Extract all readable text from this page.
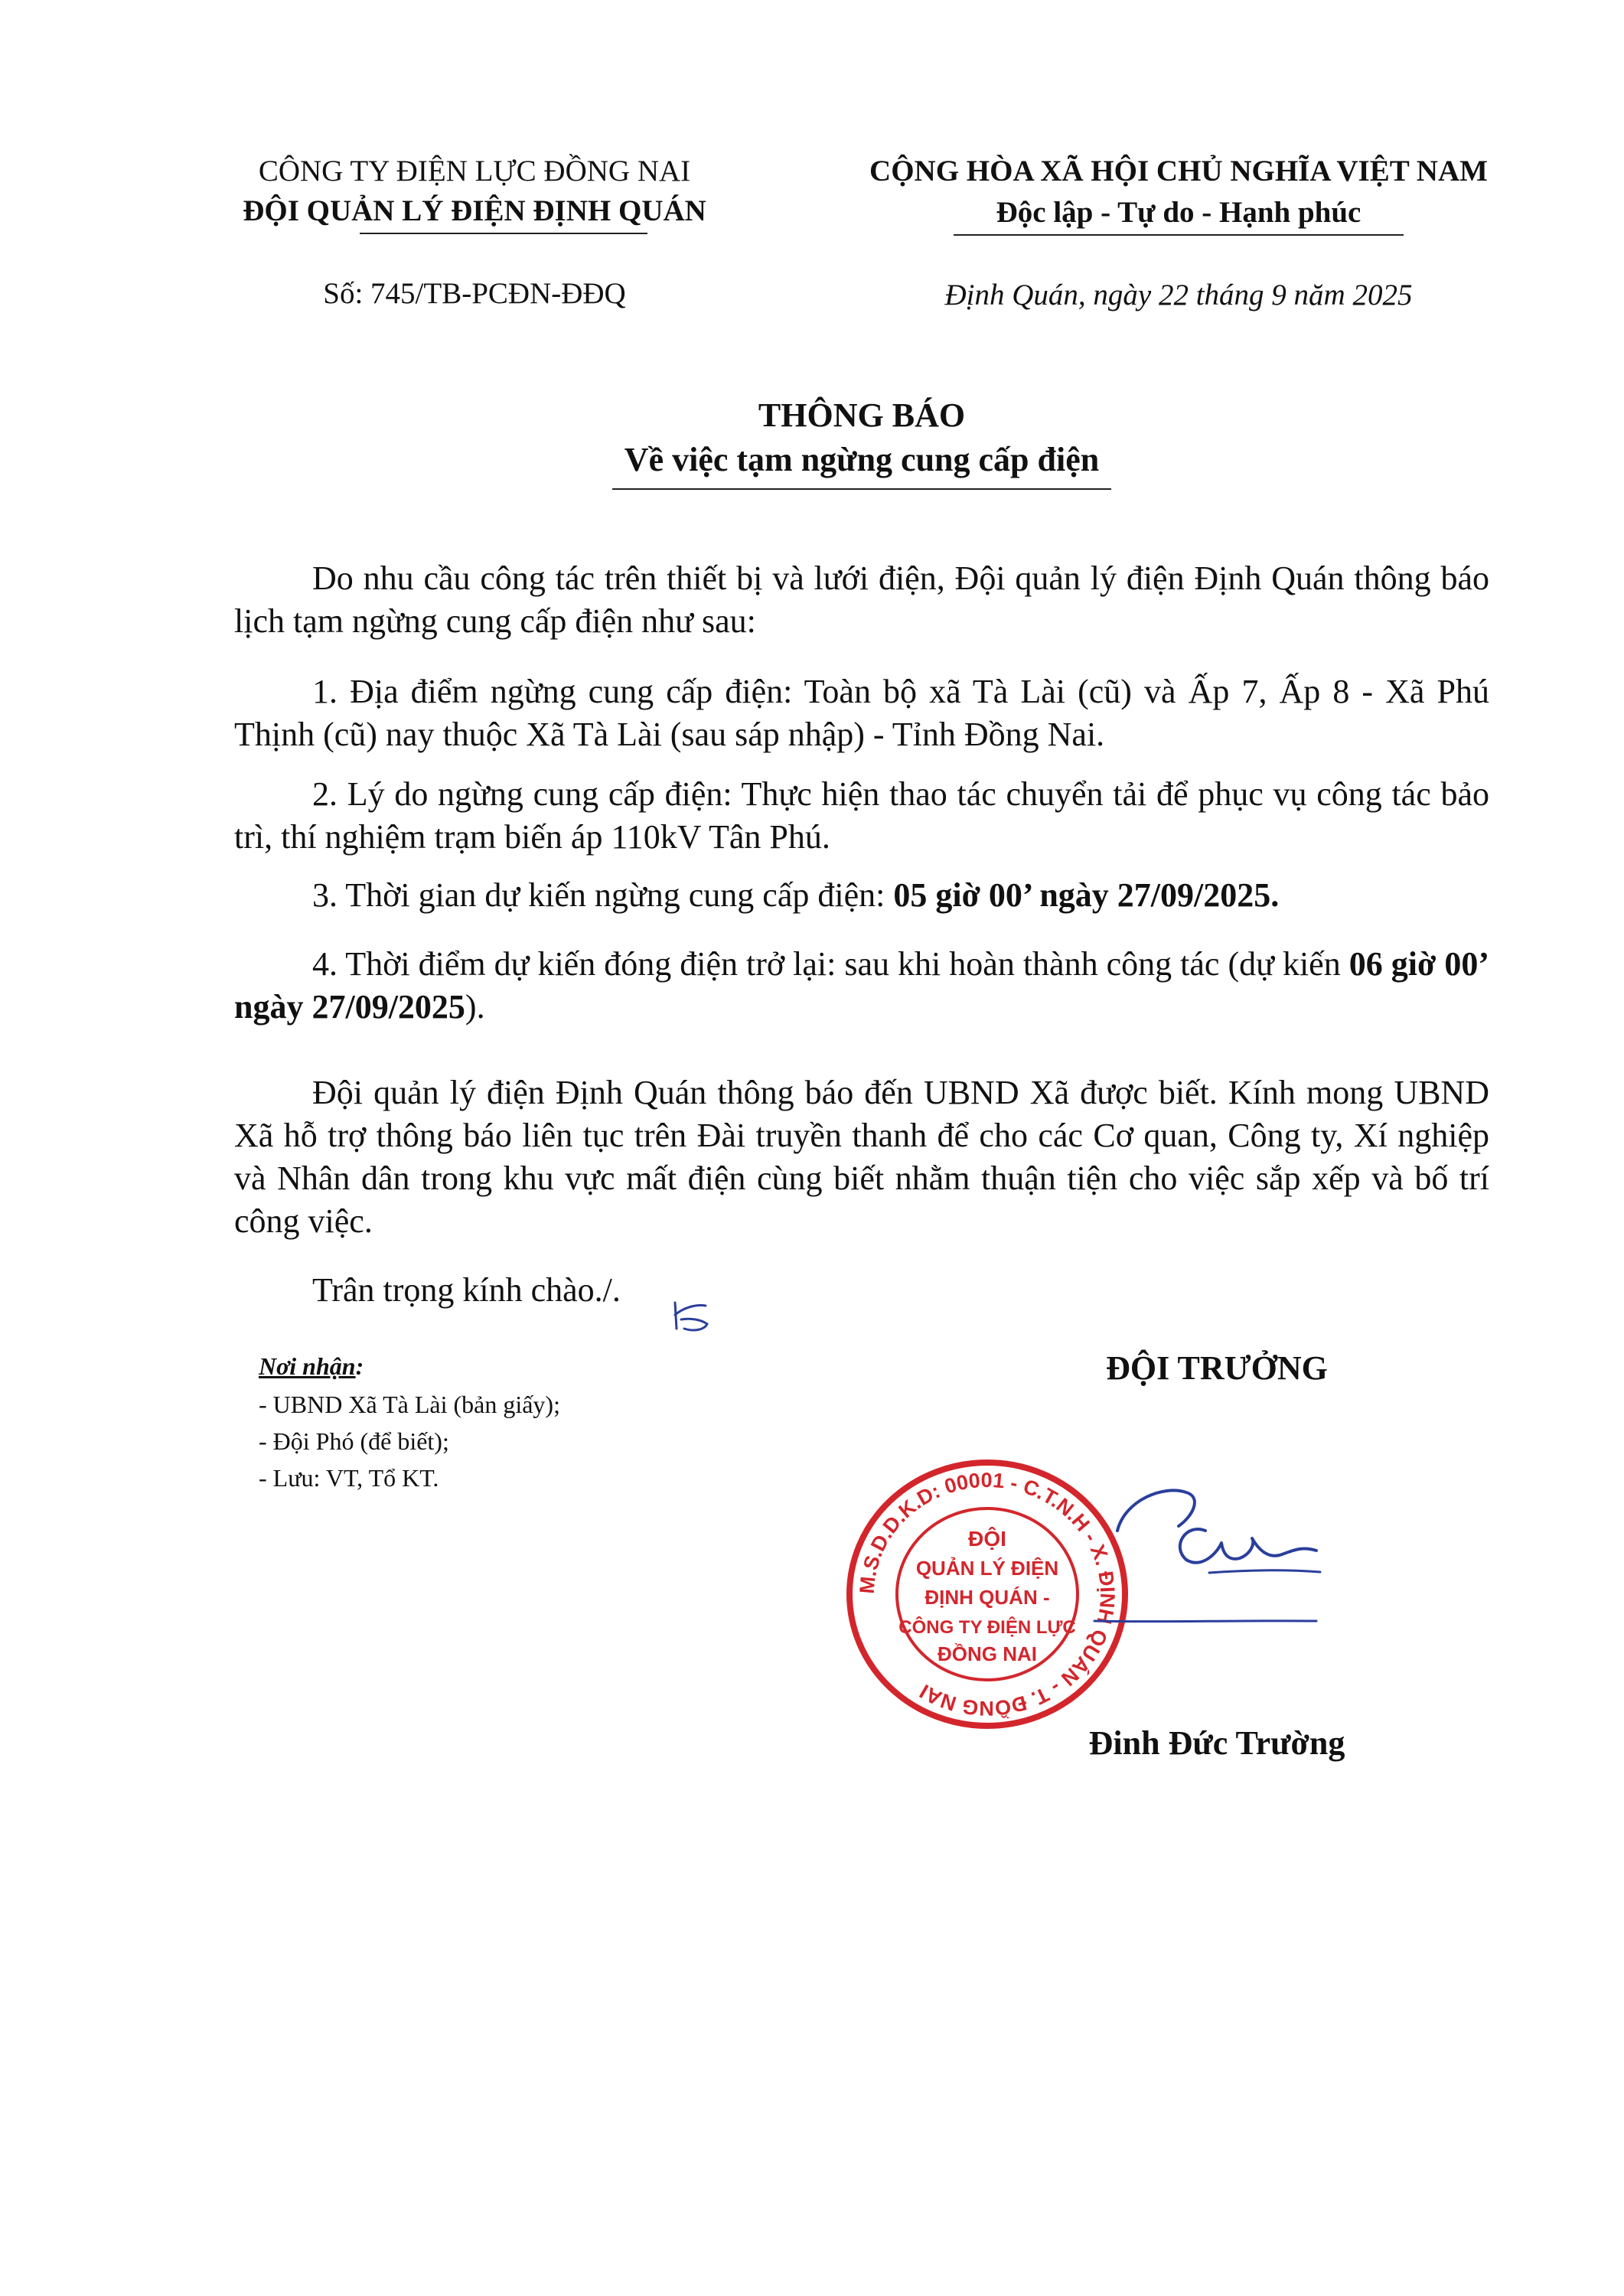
CÔNG TY ĐIỆN LỰC ĐỒNG NAI
ĐỘI QUẢN LÝ ĐIỆN ĐỊNH QUÁN
Số: 745/TB-PCĐN-ĐĐQ
CỘNG HÒA XÃ HỘI CHỦ NGHĨA VIỆT NAM
Độc lập - Tự do - Hạnh phúc
Định Quán, ngày 22 tháng 9 năm 2025
THÔNG BÁO
Về việc tạm ngừng cung cấp điện
Do nhu cầu công tác trên thiết bị và lưới điện, Đội quản lý điện Định Quán thông báo lịch tạm ngừng cung cấp điện như sau:
1. Địa điểm ngừng cung cấp điện: Toàn bộ xã Tà Lài (cũ) và Ấp 7, Ấp 8 - Xã Phú Thịnh (cũ) nay thuộc Xã Tà Lài (sau sáp nhập) - Tỉnh Đồng Nai.
2. Lý do ngừng cung cấp điện: Thực hiện thao tác chuyển tải để phục vụ công tác bảo trì, thí nghiệm trạm biến áp 110kV Tân Phú.
3. Thời gian dự kiến ngừng cung cấp điện: 05 giờ 00’ ngày 27/09/2025.
4. Thời điểm dự kiến đóng điện trở lại: sau khi hoàn thành công tác (dự kiến 06 giờ 00’ ngày 27/09/2025).
Đội quản lý điện Định Quán thông báo đến UBND Xã được biết. Kính mong UBND Xã hỗ trợ thông báo liên tục trên Đài truyền thanh để cho các Cơ quan, Công ty, Xí nghiệp và Nhân dân trong khu vực mất điện cùng biết nhằm thuận tiện cho việc sắp xếp và bố trí công việc.
Trân trọng kính chào./.
Nơi nhận:
- UBND Xã Tà Lài (bản giấy);
- Đội Phó (để biết);
- Lưu: VT, Tổ KT.
ĐỘI TRƯỞNG
M.S.D.D.K.D: 00001 - C.T.N.H - X. ĐỊNH QUÁN - T. ĐỒNG NAI
ĐỘI
QUẢN LÝ ĐIỆN
ĐỊNH QUÁN -
CÔNG TY ĐIỆN LỰC
ĐỒNG NAI
Đinh Đức Trường
